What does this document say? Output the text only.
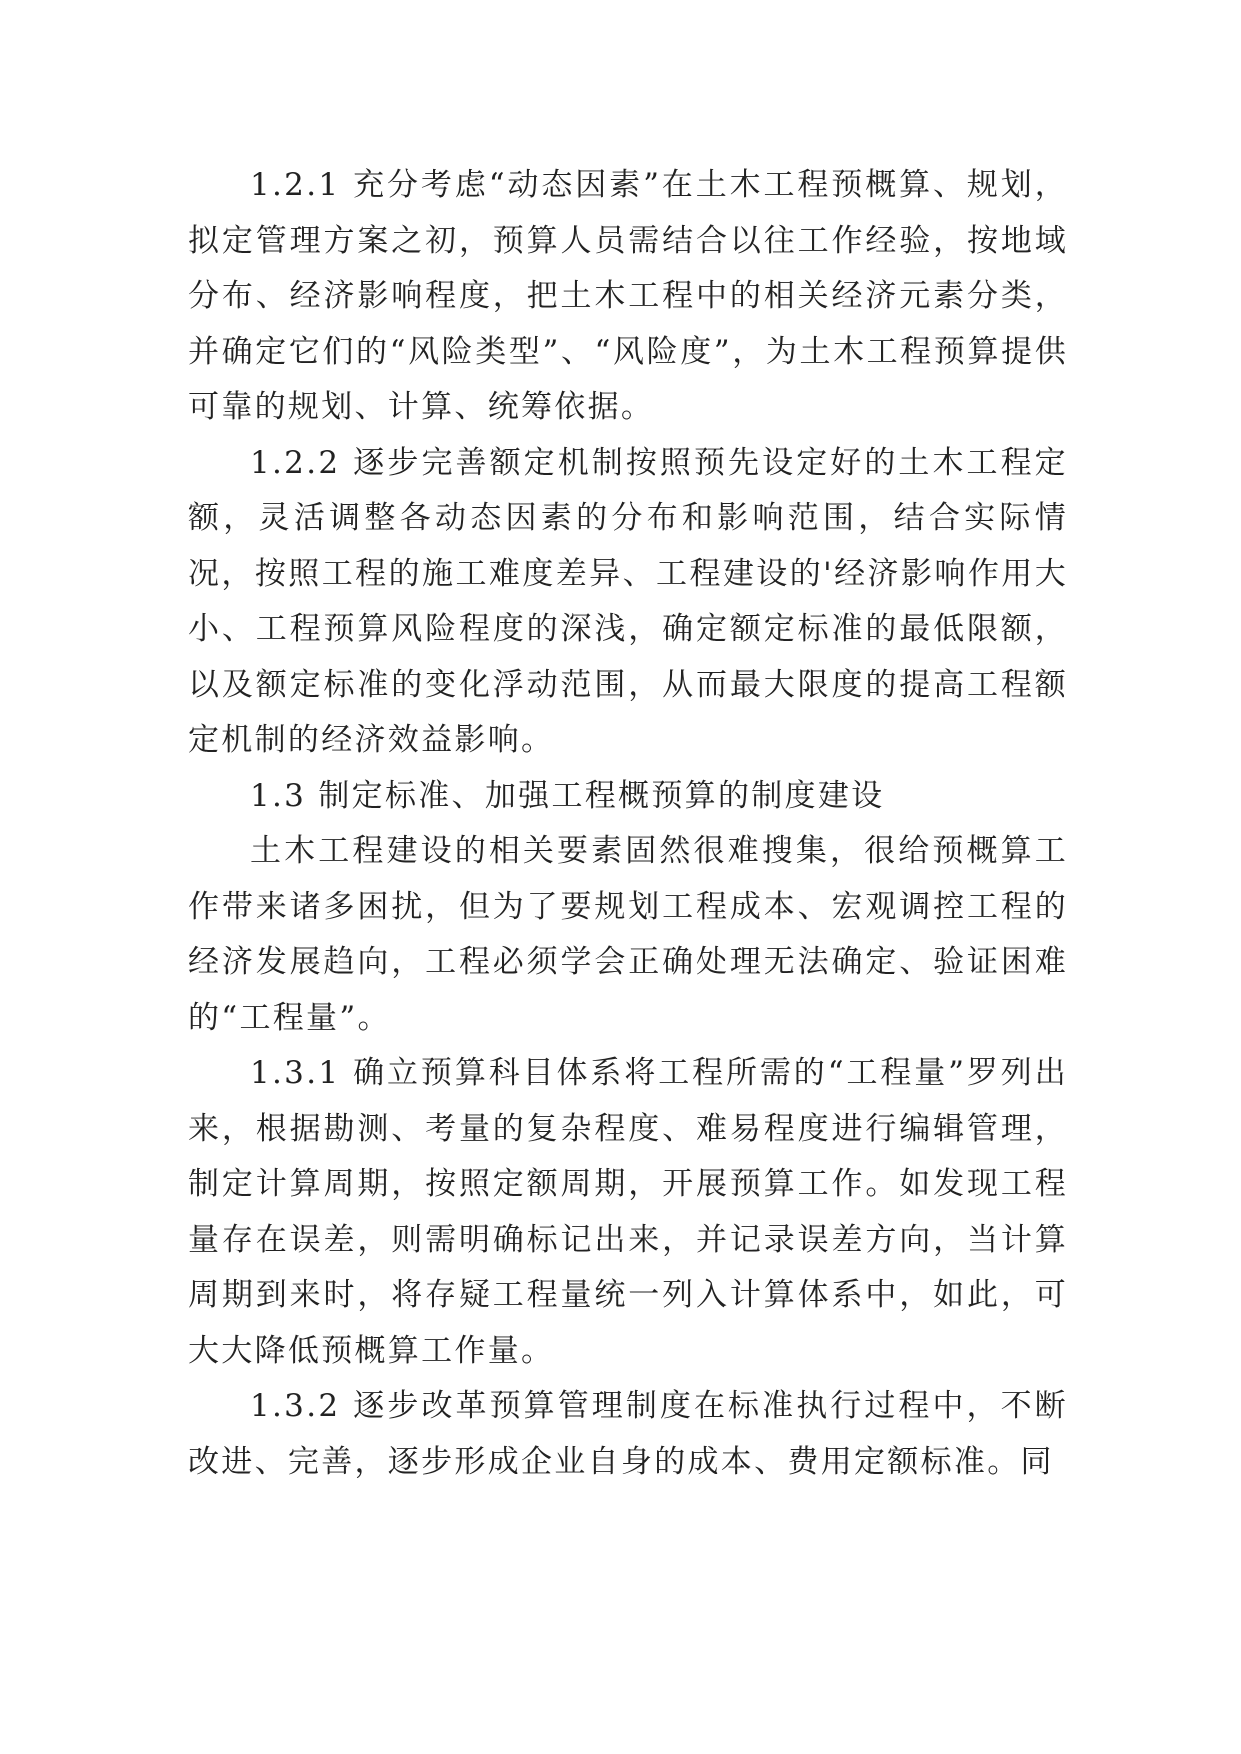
1.2.1 充分考虑“动态因素”在土木工程预概算、规划，拟定管理方案之初，预算人员需结合以往工作经验，按地域分布、经济影响程度，把土木工程中的相关经济元素分类，并确定它们的“风险类型”、“风险度”，为土木工程预算提供可靠的规划、计算、统筹依据。

1.2.2 逐步完善额定机制按照预先设定好的土木工程定额，灵活调整各动态因素的分布和影响范围，结合实际情况，按照工程的施工难度差异、工程建设的'经济影响作用大小、工程预算风险程度的深浅，确定额定标准的最低限额，以及额定标准的变化浮动范围，从而最大限度的提高工程额定机制的经济效益影响。

1.3 制定标准、加强工程概预算的制度建设

土木工程建设的相关要素固然很难搜集，很给预概算工作带来诸多困扰，但为了要规划工程成本、宏观调控工程的经济发展趋向，工程必须学会正确处理无法确定、验证困难的“工程量”。

1.3.1 确立预算科目体系将工程所需的“工程量”罗列出来，根据勘测、考量的复杂程度、难易程度进行编辑管理，制定计算周期，按照定额周期，开展预算工作。如发现工程量存在误差，则需明确标记出来，并记录误差方向，当计算周期到来时，将存疑工程量统一列入计算体系中，如此，可大大降低预概算工作量。

1.3.2 逐步改革预算管理制度在标准执行过程中，不断改进、完善，逐步形成企业自身的成本、费用定额标准。同
